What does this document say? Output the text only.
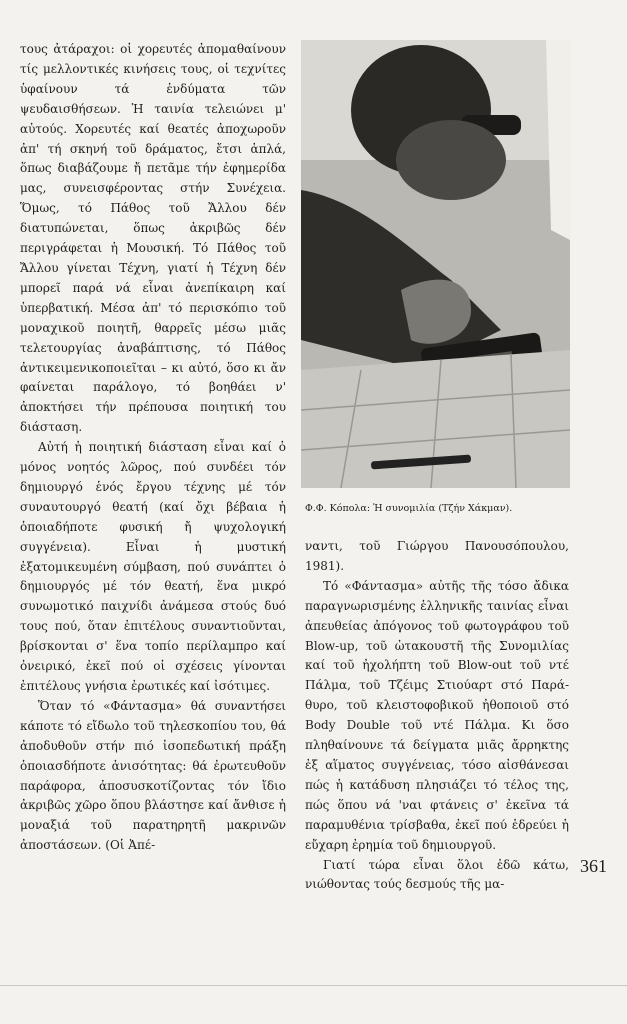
τους ἀτάραχοι: οἱ χορευτές ἀπομαθαίνουν τίς μελλοντικές κινήσεις τους, οἱ τεχνίτες ὑφαίνουν τά ἐνδύματα τῶν ψευδαισθήσεων. Ἡ ταινία τελειώνει μ' αὐτούς. Χορευτές καί θεατές ἀποχωροῦν ἀπ' τή σκηνή τοῦ δράματος, ἔτσι ἁπλά, ὅπως διαβάζουμε ἤ πετᾶμε τήν ἐφημερίδα μας, συνεισφέροντας στήν Συνέχεια. Ὅμως, τό Πάθος τοῦ Ἄλλου δέν διατυπώνεται, ὅπως ἀκριβῶς δέν περιγράφεται ἡ Μουσική. Τό Πάθος τοῦ Ἄλλου γίνεται Τέχνη, γιατί ἡ Τέχνη δέν μπορεῖ παρά νά εἶναι ἀνεπίκαιρη καί ὑπερβατική. Μέσα ἀπ' τό περισκόπιο τοῦ μοναχικοῦ ποιητῆ, θαρρεῖς μέσω μιᾶς τελετουργίας ἀναβάπτισης, τό Πάθος ἀντικειμενικοποιεῖται – κι αὐτό, ὅσο κι ἄν φαίνεται παράλογο, τό βοηθάει ν' ἀποκτήσει τήν πρέπουσα ποιητική του διάσταση.

Αὐτή ἡ ποιητική διάσταση εἶναι καί ὁ μόνος νοητός λῶρος, πού συνδέει τόν δημιουργό ἑνός ἔργου τέχνης μέ τόν συναυτουργό θεατή (καί ὄχι βέβαια ἡ ὁποιαδήποτε φυσική ἤ ψυχολογική συγγένεια). Εἶναι ἡ μυστική ἐξατομικευμένη σύμβαση, πού συνάπτει ὁ δημιουργός μέ τόν θεατή, ἕνα μικρό συνωμοτικό παιχνίδι ἀνάμεσα στούς δυό τους πού, ὅταν ἐπιτέλους συναντιοῦνται, βρίσκονται σ' ἕνα τοπίο περίλαμπρο καί ὀνειρικό, ἐκεῖ πού οἱ σχέσεις γίνονται ἐπιτέλους γνήσια ἐρωτικές καί ἰσότιμες.

Ὅταν τό «Φάντασμα» θά συναντήσει κάποτε τό εἴδωλο τοῦ τηλεσκοπίου του, θά ἀποδυθοῦν στήν πιό ἰσοπεδωτική πράξη ὁποιασδήποτε ἀνισότητας: θά ἐρωτευθοῦν παράφορα, ἀποσυσκοτίζοντας τόν ἴδιο ἀκριβῶς χῶρο ὅπου βλάστησε καί ἄνθισε ἡ μοναξιά τοῦ παρατηρητῆ μακρινῶν ἀποστάσεων. (Οἱ Ἀπέ-

Φ.Φ. Κόπολα: Ἡ συνομιλία (Τζήν Χάκμαν).

ναντι, τοῦ Γιώργου Πανουσόπουλου, 1981).

Τό «Φάντασμα» αὐτῆς τῆς τόσο ἄδικα παραγνωρισμένης ἑλληνικῆς ταινίας εἶναι ἀπευθείας ἀπόγονος τοῦ φωτογράφου τοῦ Blow-up, τοῦ ὠτακουστῆ τῆς Συνομιλίας καί τοῦ ἠχολήπτη τοῦ Blow-out τοῦ ντέ Πάλμα, τοῦ Τζέιμς Στιούαρτ στό Παράθυρο, τοῦ κλειστοφοβικοῦ ἠθοποιοῦ στό Body Double τοῦ ντέ Πάλμα. Κι ὅσο πληθαίνουνε τά δείγματα μιᾶς ἄρρηκτης ἐξ αἵματος συγγένειας, τόσο αἰσθάνεσαι πώς ἡ κατάδυση πλησιάζει τό τέλος της, πώς ὅπου νά 'ναι φτάνεις σ' ἐκεῖνα τά παραμυθένια τρίσβαθα, ἐκεῖ πού ἑδρεύει ἡ εὔχαρη ἐρημία τοῦ δημιουργοῦ.

Γιατί τώρα εἶναι ὅλοι ἐδῶ κάτω, νιώθοντας τούς δεσμούς τῆς μα-

361
